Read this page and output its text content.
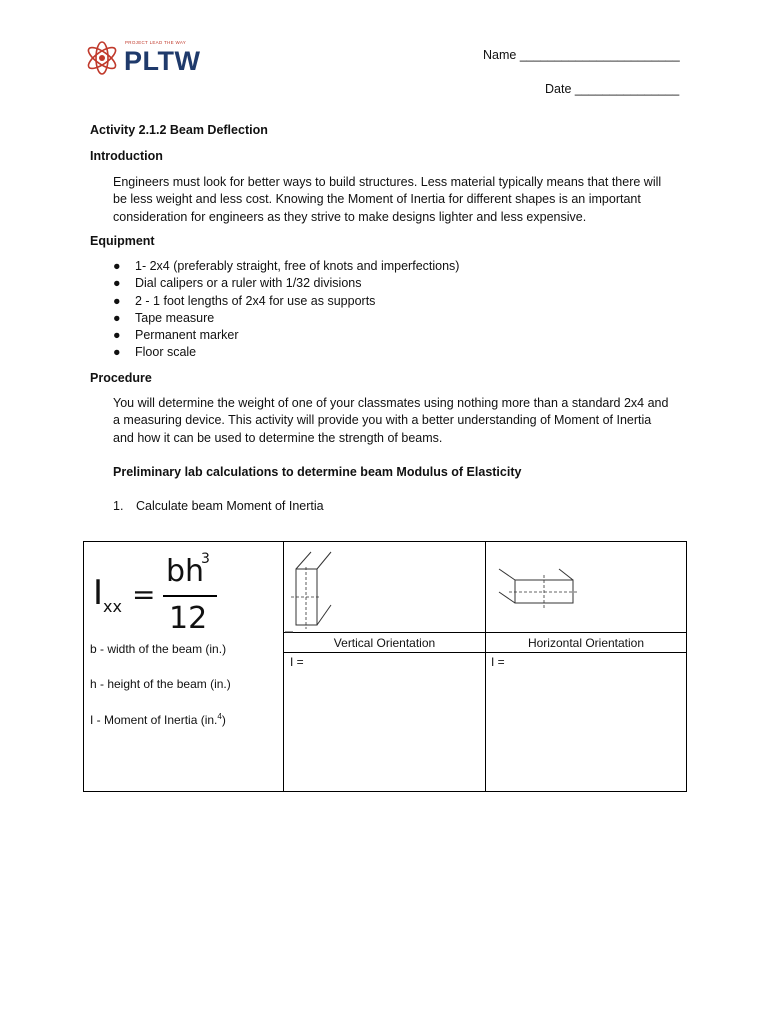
PROJECT LEAD THE WAY
PLTW	Name _______________________
Date _______________
Activity 2.1.2 Beam Deflection
Introduction
Engineers must look for better ways to build structures. Less material typically means that there will
be less weight and less cost. Knowing the Moment of Inertia for different shapes is an important
consideration for engineers as they strive to make designs lighter and less expensive.
Equipment
● 1- 2x4 (preferably straight, free of knots and imperfections)
● Dial calipers or a ruler with 1/32 divisions
● 2 - 1 foot lengths of 2x4 for use as supports
● Tape measure
● Permanent marker
● Floor scale
Procedure
You will determine the weight of one of your classmates using nothing more than a standard 2x4 and
a measuring device. This activity will provide you with a better understanding of Moment of Inertia
and how it can be used to determine the strength of beams.
Preliminary lab calculations to determine beam Modulus of Elasticity
1. Calculate beam Moment of Inertia
I xx =
bh
3
12
b - width of the beam (in.)
h - height of the beam (in.)
I - Moment of Inertia (in.$^4$)
Vertical Orientation	Horizontal Orientation
I =	I =
